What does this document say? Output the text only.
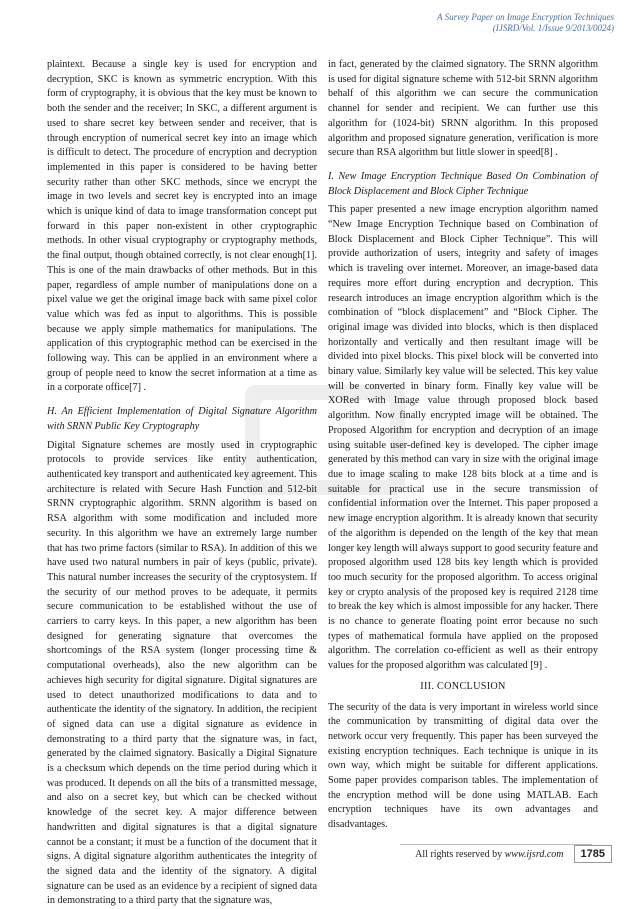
A Survey Paper on Image Encryption Techniques
(IJSRD/Vol. 1/Issue 9/2013/0024)

plaintext. Because a single key is used for encryption and decryption, SKC is known as symmetric encryption. With this form of cryptography, it is obvious that the key must be known to both the sender and the receiver; In SKC, a different argument is used to share secret key between sender and receiver, that is through encryption of numerical secret key into an image which is difficult to detect. The procedure of encryption and decryption implemented in this paper is considered to be having better security rather than other SKC methods, since we encrypt the image in two levels and secret key is encrypted into an image which is unique kind of data to image transformation concept put forward in this paper non-existent in other cryptographic methods. In other visual cryptography or cryptography methods, the final output, though obtained correctly, is not clear enough[1]. This is one of the main drawbacks of other methods. But in this paper, regardless of ample number of manipulations done on a pixel value we get the original image back with same pixel color value which was fed as input to algorithms. This is possible because we apply simple mathematics for manipulations. The application of this cryptographic method can be exercised in the following way. This can be applied in an environment where a group of people need to know the secret information at a time as in a corporate office[7] .

H. An Efficient Implementation of Digital Signature Algorithm with SRNN Public Key Cryptography

Digital Signature schemes are mostly used in cryptographic protocols to provide services like entity authentication, authenticated key transport and authenticated key agreement. This architecture is related with Secure Hash Function and 512-bit SRNN cryptographic algorithm. SRNN algorithm is based on RSA algorithm with some modification and included more security. In this algorithm we have an extremely large number that has two prime factors (similar to RSA). In addition of this we have used two natural numbers in pair of keys (public, private). This natural number increases the security of the cryptosystem. If the security of our method proves to be adequate, it permits secure communication to be established without the use of carriers to carry keys. In this paper, a new algorithm has been designed for generating signature that overcomes the shortcomings of the RSA system (longer processing time & computational overheads), also the new algorithm can be achieves high security for digital signature. Digital signatures are used to detect unauthorized modifications to data and to authenticate the identity of the signatory. In addition, the recipient of signed data can use a digital signature as evidence in demonstrating to a third party that the signature was, in fact, generated by the claimed signatory. Basically a Digital Signature is a checksum which depends on the time period during which it was produced. It depends on all the bits of a transmitted message, and also on a secret key, but which can be checked without knowledge of the secret key. A major difference between handwritten and digital signatures is that a digital signature cannot be a constant; it must be a function of the document that it signs. A digital signature algorithm authenticates the integrity of the signed data and the identity of the signatory. A digital signature can be used as an evidence by a recipient of signed data in demonstrating to a third party that the signature was,

in fact, generated by the claimed signatory. The SRNN algorithm is used for digital signature scheme with 512-bit SRNN algorithm behalf of this algorithm we can secure the communication channel for sender and recipient. We can further use this algorithm for (1024-bit) SRNN algorithm. In this proposed algorithm and proposed signature generation, verification is more secure than RSA algorithm but little slower in speed[8] .

I. New Image Encryption Technique Based On Combination of Block Displacement and Block Cipher Technique

This paper presented a new image encryption algorithm named “New Image Encryption Technique based on Combination of Block Displacement and Block Cipher Technique”. This will provide authorization of users, integrity and safety of images which is traveling over internet. Moreover, an image-based data requires more effort during encryption and decryption. This research introduces an image encryption algorithm which is the combination of “block displacement” and “Block Cipher. The original image was divided into blocks, which is then displaced horizontally and vertically and then resultant image will be divided into pixel blocks. This pixel block will be converted into binary value. Similarly key value will be selected. This key value will be converted in binary form. Finally key value will be XORed with Image value through proposed block based algorithm. Now finally encrypted image will be obtained. The Proposed Algorithm for encryption and decryption of an image using suitable user-defined key is developed. The cipher image generated by this method can vary in size with the original image due to image scaling to make 128 bits block at a time and is suitable for practical use in the secure transmission of confidential information over the Internet. This paper proposed a new image encryption algorithm. It is already known that security of the algorithm is depended on the length of the key that mean longer key length will always support to good security feature and proposed algorithm used 128 bits key length which is provided too much security for the proposed algorithm. To access original key or crypto analysis of the proposed key is required 2128 time to break the key which is almost impossible for any hacker. There is no chance to generate floating point error because no such types of mathematical formula have applied on the proposed algorithm. The correlation co-efficient as well as their entropy values for the proposed algorithm was calculated [9] .

III. CONCLUSION

The security of the data is very important in wireless world since the communication by transmitting of digital data over the network occur very frequently. This paper has been surveyed the existing encryption techniques. Each technique is unique in its own way, which might be suitable for different applications. Some paper provides comparison tables. The implementation of the encryption method will be done using MATLAB. Each encryption techniques have its own advantages and disadvantages.

All rights reserved by www.ijsrd.com	1785
